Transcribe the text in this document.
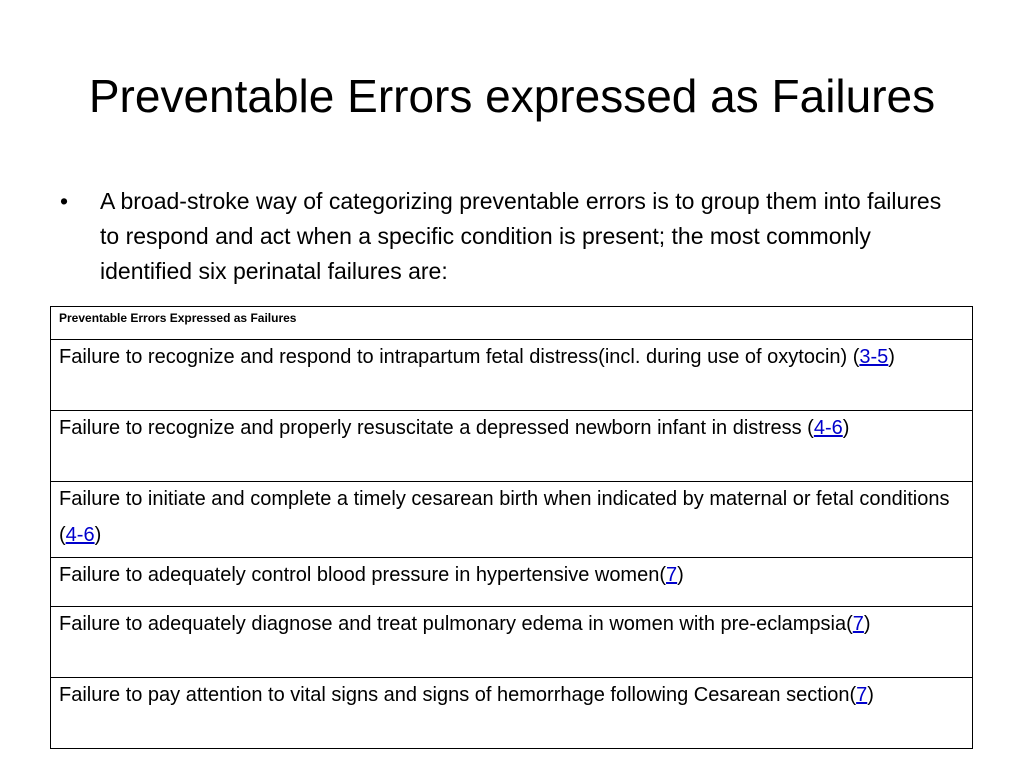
Preventable Errors expressed as Failures
•	A broad-stroke way of categorizing preventable errors is to group them into failures to respond and act when a specific condition is present; the most commonly identified six perinatal failures are:
Preventable Errors Expressed as Failures
Failure to recognize and respond to intrapartum fetal distress(incl. during use of oxytocin) (3-5)
Failure to recognize and properly resuscitate a depressed newborn infant in distress (4-6)
Failure to initiate and complete a timely cesarean birth when indicated by maternal or fetal conditions (4-6)
Failure to adequately control blood pressure in hypertensive women(7)
Failure to adequately diagnose and treat pulmonary edema in women with pre-eclampsia(7)
Failure to pay attention to vital signs and signs of hemorrhage following Cesarean section(7)
